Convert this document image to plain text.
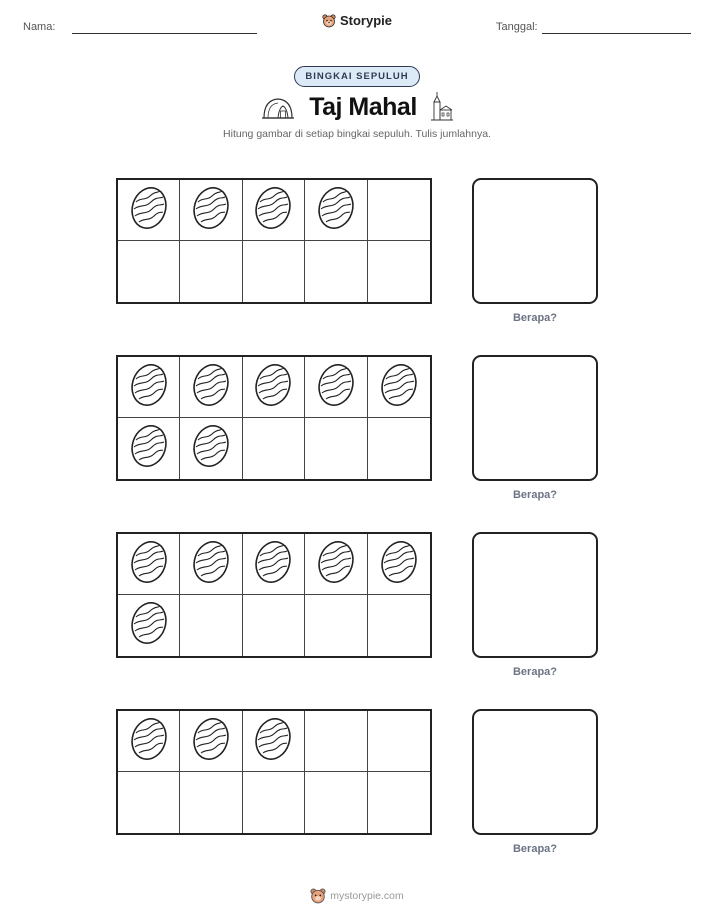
Nama:	Storypie	Tanggal:
BINGKAI SEPULUH
Taj Mahal
Hitung gambar di setiap bingkai sepuluh. Tulis jumlahnya.
Berapa?
Berapa?
Berapa?
Berapa?
mystorypie.com
